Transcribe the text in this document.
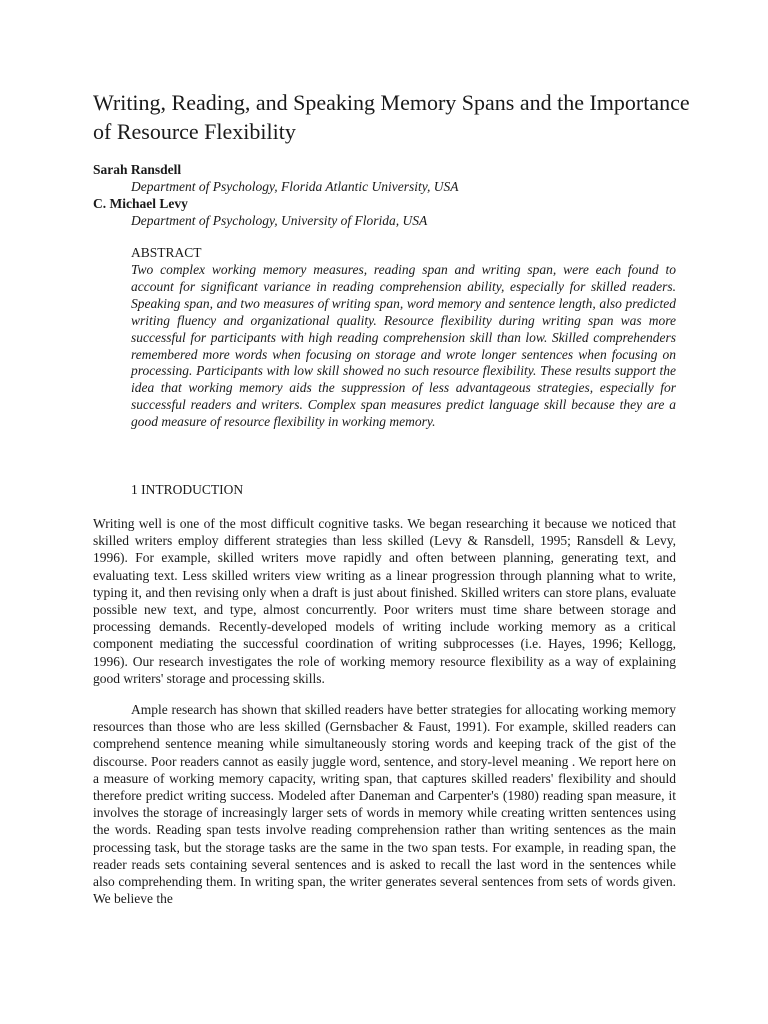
Writing, Reading, and Speaking Memory Spans and the Importance of Resource Flexibility
Sarah Ransdell
Department of Psychology, Florida Atlantic University, USA
C. Michael Levy
Department of Psychology, University of Florida, USA
ABSTRACT

Two complex working memory measures, reading span and writing span, were each found to account for significant variance in reading comprehension ability, especially for skilled readers. Speaking span, and two measures of writing span, word memory and sentence length, also predicted writing fluency and organizational quality. Resource flexibility during writing span was more successful for participants with high reading comprehension skill than low. Skilled comprehenders remembered more words when focusing on storage and wrote longer sentences when focusing on processing. Participants with low skill showed no such resource flexibility. These results support the idea that working memory aids the suppression of less advantageous strategies, especially for successful readers and writers. Complex span measures predict language skill because they are a good measure of resource flexibility in working memory.

1 INTRODUCTION

Writing well is one of the most difficult cognitive tasks. We began researching it because we noticed that skilled writers employ different strategies than less skilled (Levy & Ransdell, 1995; Ransdell & Levy, 1996). For example, skilled writers move rapidly and often between planning, generating text, and evaluating text. Less skilled writers view writing as a linear progression through planning what to write, typing it, and then revising only when a draft is just about finished. Skilled writers can store plans, evaluate possible new text, and type, almost concurrently. Poor writers must time share between storage and processing demands. Recently-developed models of writing include working memory as a critical component mediating the successful coordination of writing subprocesses (i.e. Hayes, 1996; Kellogg, 1996). Our research investigates the role of working memory resource flexibility as a way of explaining good writers' storage and processing skills.

Ample research has shown that skilled readers have better strategies for allocating working memory resources than those who are less skilled (Gernsbacher & Faust, 1991). For example, skilled readers can comprehend sentence meaning while simultaneously storing words and keeping track of the gist of the discourse. Poor readers cannot as easily juggle word, sentence, and story-level meaning . We report here on a measure of working memory capacity, writing span, that captures skilled readers' flexibility and should therefore predict writing success. Modeled after Daneman and Carpenter's (1980) reading span measure, it involves the storage of increasingly larger sets of words in memory while creating written sentences using the words. Reading span tests involve reading comprehension rather than writing sentences as the main processing task, but the storage tasks are the same in the two span tests. For example, in reading span, the reader reads sets containing several sentences and is asked to recall the last word in the sentences while also comprehending them. In writing span, the writer generates several sentences from sets of words given. We believe the
